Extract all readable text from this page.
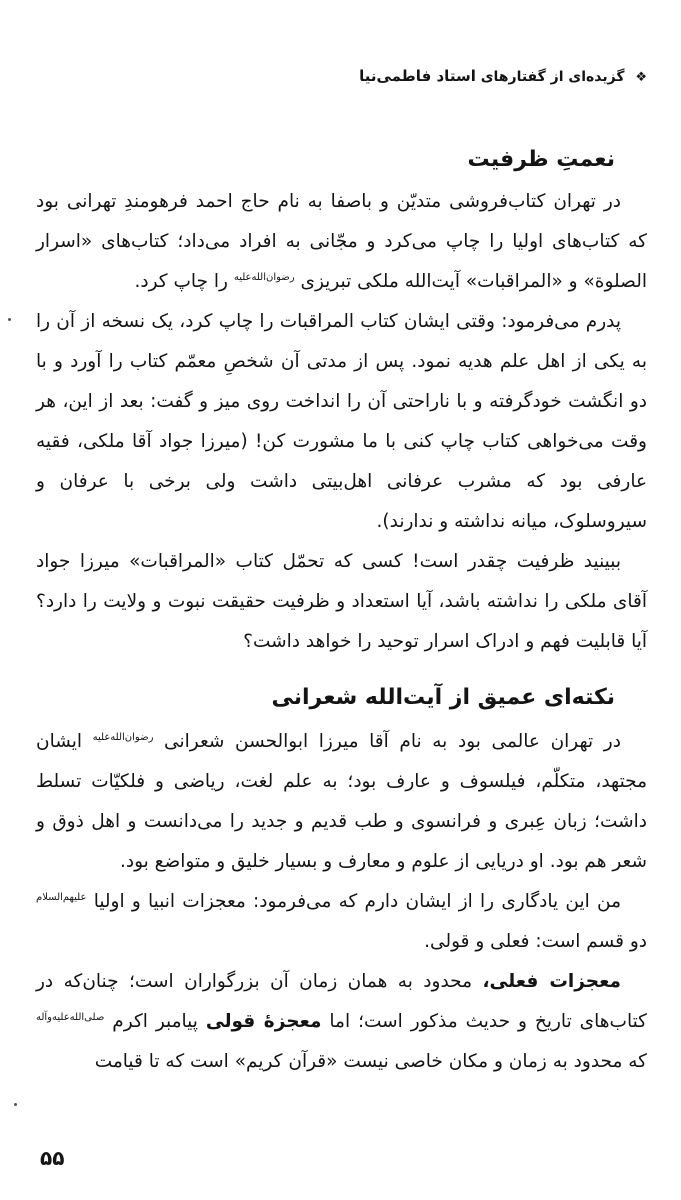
❖ گزیده‌ای از گفتارهای استاد فاطمی‌نیا
نعمتِ ظرفیت

در تهران کتاب‌فروشی متدیّن و باصفا به نام حاج احمد فرهومندِ تهرانی بود که کتاب‌های اولیا را چاپ می‌کرد و مجّانی به افراد می‌داد؛ کتاب‌های «اسرار الصلوة» و «المراقبات» آیت‌الله ملکی تبریزی $^{رضوان‌الله‌علیه}$ را چاپ کرد.

پدرم می‌فرمود: وقتی ایشان کتاب المراقبات را چاپ کرد، یک نسخه از آن را به یکی از اهل علم هدیه نمود. پس از مدتی آن شخصِ معمّم کتاب را آورد و با دو انگشت خودگرفته و با ناراحتی آن را انداخت روی میز و گفت: بعد از این، هر وقت می‌خواهی کتاب چاپ کنی با ما مشورت کن! (میرزا جواد آقا ملکی، فقیه عارفی بود که مشرب عرفانی اهل‌بیتی داشت ولی برخی با عرفان و سیروسلوک، میانه نداشته و ندارند).

ببینید ظرفیت چقدر است! کسی که تحمّل کتاب «المراقبات» میرزا جواد آقای ملکی را نداشته باشد، آیا استعداد و ظرفیت حقیقت نبوت و ولایت را دارد؟ آیا قابلیت فهم و ادراک اسرار توحید را خواهد داشت؟

نکته‌ای عمیق از آیت‌الله شعرانی

در تهران عالمی بود به نام آقا میرزا ابوالحسن شعرانی $^{رضوان‌الله‌علیه}$ ایشان مجتهد، متکلّم، فیلسوف و عارف بود؛ به علم لغت، ریاضی و فلکیّات تسلط داشت؛ زبان عِبری و فرانسوی و طب قدیم و جدید را می‌دانست و اهل ذوق و شعر هم بود. او دریایی از علوم و معارف و بسیار خلیق و متواضع بود.

من این یادگاری را از ایشان دارم که می‌فرمود: معجزات انبیا و اولیا $^{علیهم‌السلام}$ دو قسم است: فعلی و قولی.

معجزات فعلی، محدود به همان زمان آن بزرگواران است؛ چنان‌که در کتاب‌های تاریخ و حدیث مذکور است؛ اما معجزهٔ قولی پیامبر اکرم $^{صلی‌الله‌علیه‌وآله}$ که محدود به زمان و مکان خاصی نیست «قرآن کریم» است که تا قیامت

۵۵
